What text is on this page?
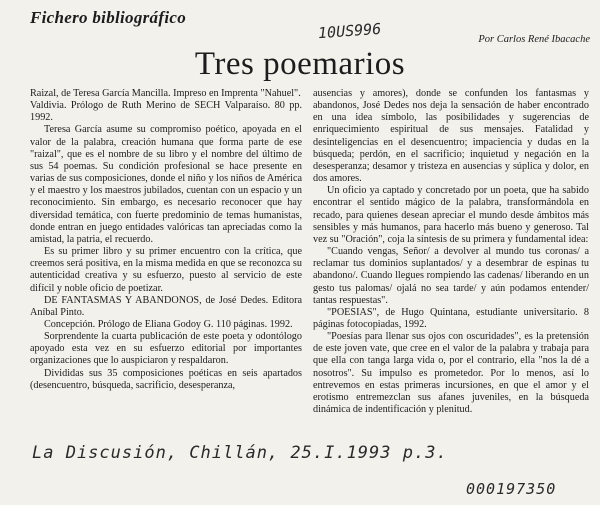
Fichero bibliográfico
10US996	Por Carlos René Ibacache
Tres poemarios

Raizal, de Teresa García Mancilla. Impreso en Imprenta "Nahuel".

Valdivia. Prólogo de Ruth Merino de SECH Valparaíso. 80 pp. 1992.

Teresa García asume su compromiso poético, apoyada en el valor de la palabra, creación humana que forma parte de ese "raizal", que es el nombre de su libro y el nombre del último de sus 54 poemas. Su condición profesional se hace presente en varias de sus composiciones, donde el niño y los niños de América y el maestro y los maestros jubilados, cuentan con un espacio y un reconocimiento. Sin embargo, es necesario reconocer que hay diversidad temática, con fuerte predominio de temas humanistas, donde entran en juego entidades valóricas tan apreciadas como la amistad, la patria, el recuerdo.

Es su primer libro y su primer encuentro con la crítica, que creemos será positiva, en la misma medida en que se reconozca su autenticidad creativa y su esfuerzo, puesto al servicio de este difícil y noble oficio de poetizar.

DE FANTASMAS Y ABANDONOS, de José Dedes. Editora Aníbal Pinto.

Concepción. Prólogo de Eliana Godoy G. 110 páginas. 1992.

Sorprendente la cuarta publicación de este poeta y odontólogo apoyado esta vez en su esfuerzo editorial por importantes organizaciones que lo auspiciaron y respaldaron.

Divididas sus 35 composiciones poéticas en seis apartados (desencuentro, búsqueda, sacrificio, desesperanza,

ausencias y amores), donde se confunden los fantasmas y abandonos, José Dedes nos deja la sensación de haber encontrado en una idea símbolo, las posibilidades y sugerencias de enriquecimiento espiritual de sus mensajes. Fatalidad y desinteligencias en el desencuentro; impaciencia y dudas en la búsqueda; perdón, en el sacrificio; inquietud y negación en la desesperanza; desamor y tristeza en ausencias y súplica y dolor, en dos amores.

Un oficio ya captado y concretado por un poeta, que ha sabido encontrar el sentido mágico de la palabra, transformándola en recado, para quienes desean apreciar el mundo desde ámbitos más sensibles y más humanos, para hacerlo más bueno y generoso. Tal vez su "Oración", coja la síntesis de su primera y fundamental idea:

"Cuando vengas, Señor/ a devolver al mundo tus coronas/ a reclamar tus dominios suplantados/ y a desembrar de espinas tu abandono/. Cuando llegues rompiendo las cadenas/ liberando en un gesto tus palomas/ ojalá no sea tarde/ y aún podamos entender/ tantas respuestas".

"POESIAS", de Hugo Quintana, estudiante universitario. 8 páginas fotocopiadas, 1992.

"Poesías para llenar sus ojos con oscuridades", es la pretensión de este joven vate, que cree en el valor de la palabra y trabaja para que ella con tanga larga vida o, por el contrario, ella "nos la dé a nosotros". Su impulso es prometedor. Por lo menos, así lo entrevemos en estas primeras incursiones, en que el amor y el erotismo entremezclan sus afanes juveniles, en la búsqueda dinámica de indentificación y plenitud.

La Discusión, Chillán, 25.I.1993 p.3.
000197350
